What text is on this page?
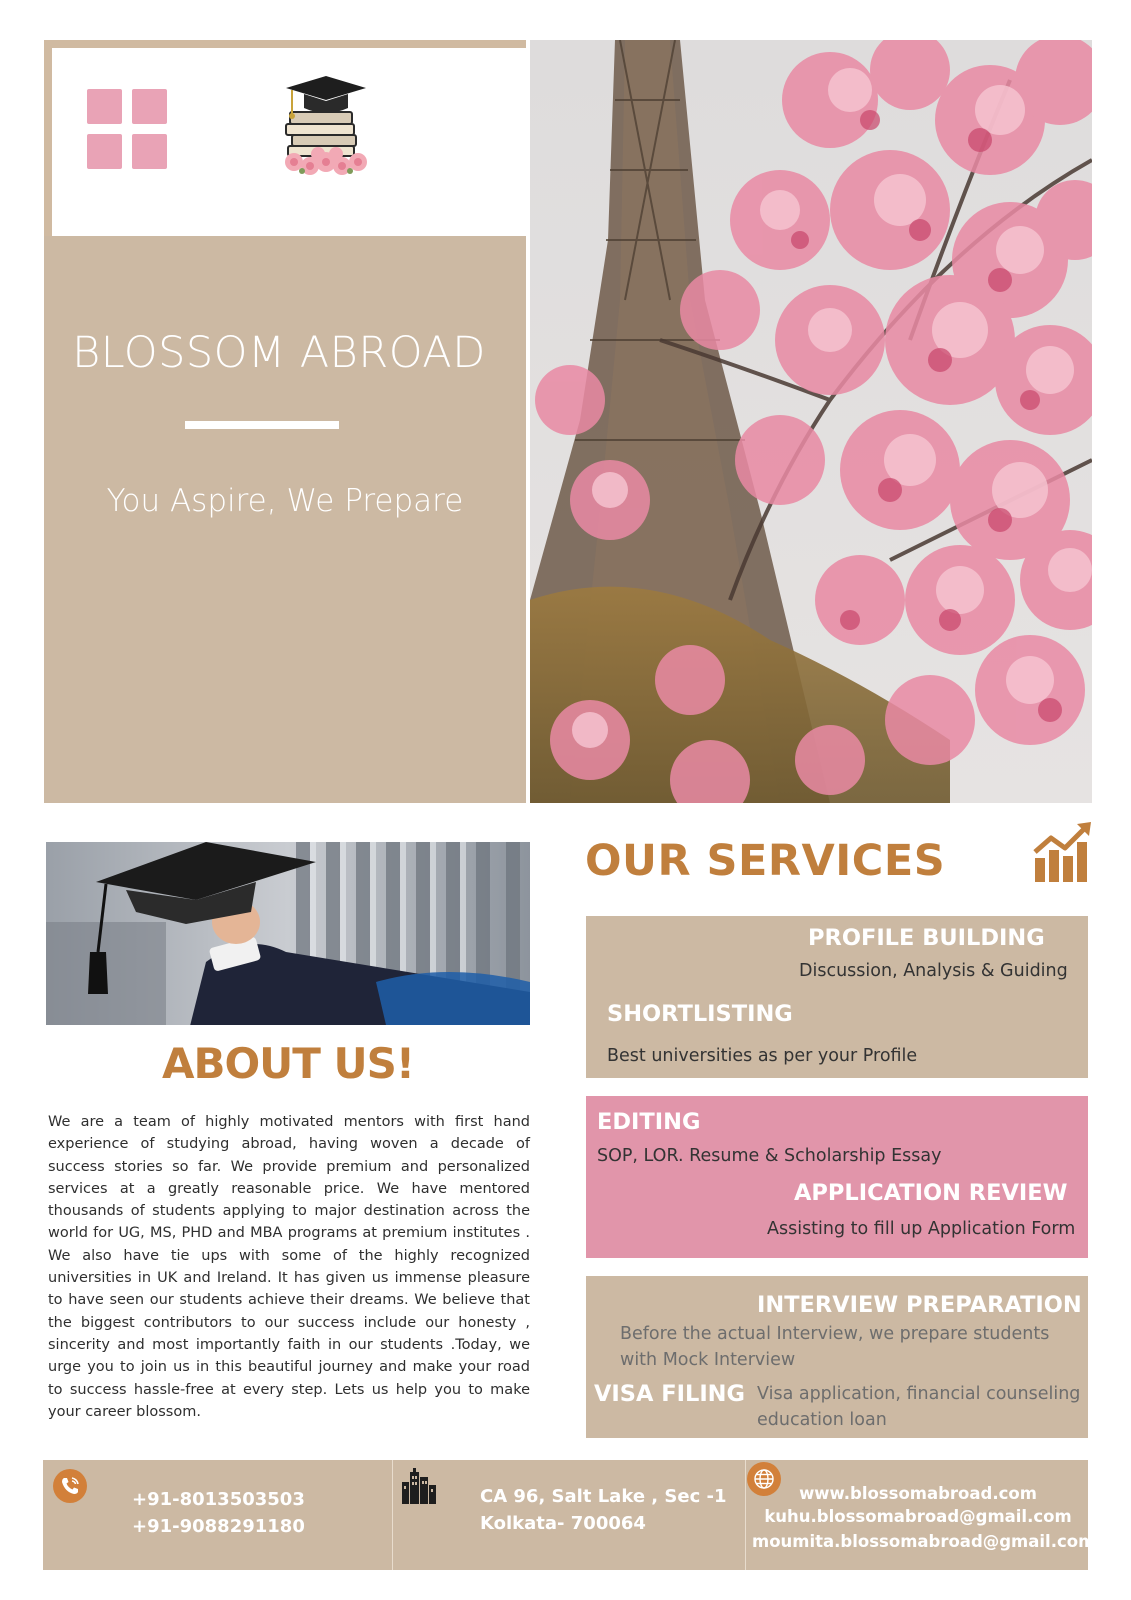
BLOSSOM ABROAD
You Aspire, We Prepare
ABOUT US!
We are a team of highly motivated mentors with first hand experience of studying abroad, having woven a decade of success stories so far. We provide premium and personalized services at a greatly reasonable price. We have mentored thousands of students applying to major destination across the world for UG, MS, PHD and MBA programs at premium institutes . We also have tie ups with some of the highly recognized universities in UK and Ireland. It has given us immense pleasure to have seen our students achieve their dreams. We believe that the biggest contributors to our success include our honesty , sincerity and most importantly faith in our students .Today, we urge you to join us in this beautiful journey and make your road to success hassle-free at every step. Lets us help you to make your career blossom.
OUR SERVICES
PROFILE BUILDING
Discussion, Analysis & Guiding
SHORTLISTING
Best universities as per your Profile
EDITING
SOP, LOR. Resume & Scholarship Essay
APPLICATION REVIEW
Assisting to fill up Application Form
INTERVIEW PREPARATION
Before the actual Interview, we prepare students with Mock Interview
VISA FILING Visa application, financial counseling education loan
+91-8013503503
+91-9088291180
CA 96, Salt Lake , Sec -1
Kolkata- 700064
www.blossomabroad.com
kuhu.blossomabroad@gmail.com
moumita.blossomabroad@gmail.com
